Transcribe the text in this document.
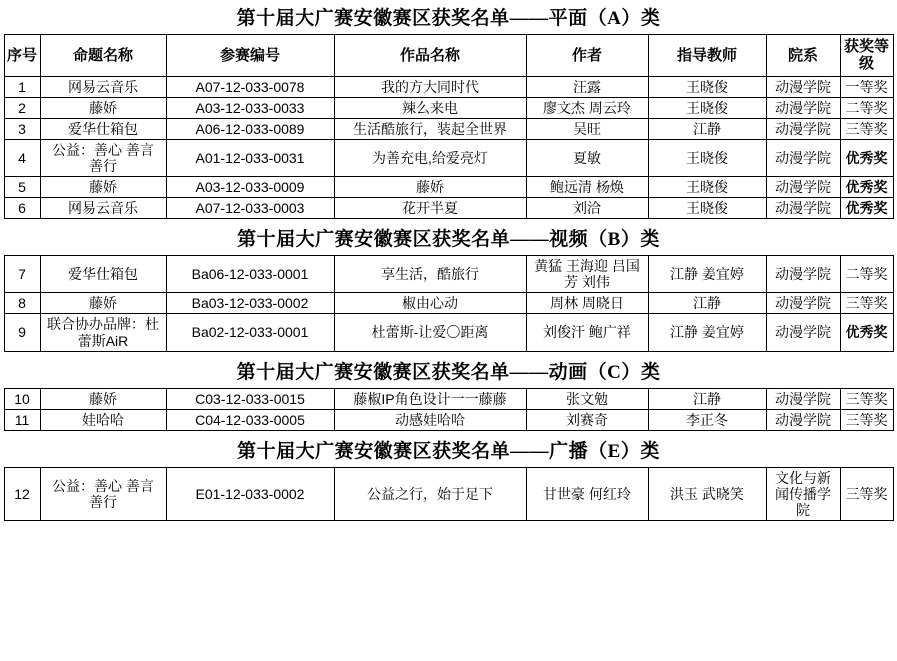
第十届大广赛安徽赛区获奖名单——平面（A）类
序号	命题名称	参赛编号	作品名称	作者	指导教师	院系	获奖等级
1	网易云音乐	A07-12-033-0078	我的方大同时代	汪露	王晓俊	动漫学院	一等奖
2	藤娇	A03-12-033-0033	辣么来电	廖文杰 周云玲	王晓俊	动漫学院	二等奖
3	爱华仕箱包	A06-12-033-0089	生活酷旅行，装起全世界	吴旺	江静	动漫学院	三等奖
4	公益：善心 善言 善行	A01-12-033-0031	为善充电,给爱亮灯	夏敏	王晓俊	动漫学院	优秀奖
5	藤娇	A03-12-033-0009	藤娇	鲍远清 杨焕	王晓俊	动漫学院	优秀奖
6	网易云音乐	A07-12-033-0003	花开半夏	刘洽	王晓俊	动漫学院	优秀奖
第十届大广赛安徽赛区获奖名单——视频（B）类
7	爱华仕箱包	Ba06-12-033-0001	享生活，酷旅行	黄猛 王海迎 吕国芳 刘伟	江静 姜宜婷	动漫学院	二等奖
8	藤娇	Ba03-12-033-0002	椒由心动	周林 周晓日	江静	动漫学院	三等奖
9	联合协办品牌：杜蕾斯AiR	Ba02-12-033-0001	杜蕾斯-让爱〇距离	刘俊汗 鲍广祥	江静 姜宜婷	动漫学院	优秀奖
第十届大广赛安徽赛区获奖名单——动画（C）类
10	藤娇	C03-12-033-0015	藤椒IP角色设计一一藤藤	张文勉	江静	动漫学院	三等奖
11	娃哈哈	C04-12-033-0005	动感娃哈哈	刘赛奇	李正冬	动漫学院	三等奖
第十届大广赛安徽赛区获奖名单——广播（E）类
12	公益：善心 善言 善行	E01-12-033-0002	公益之行，始于足下	甘世豪 何红玲	洪玉 武晓笑	文化与新闻传播学院	三等奖
